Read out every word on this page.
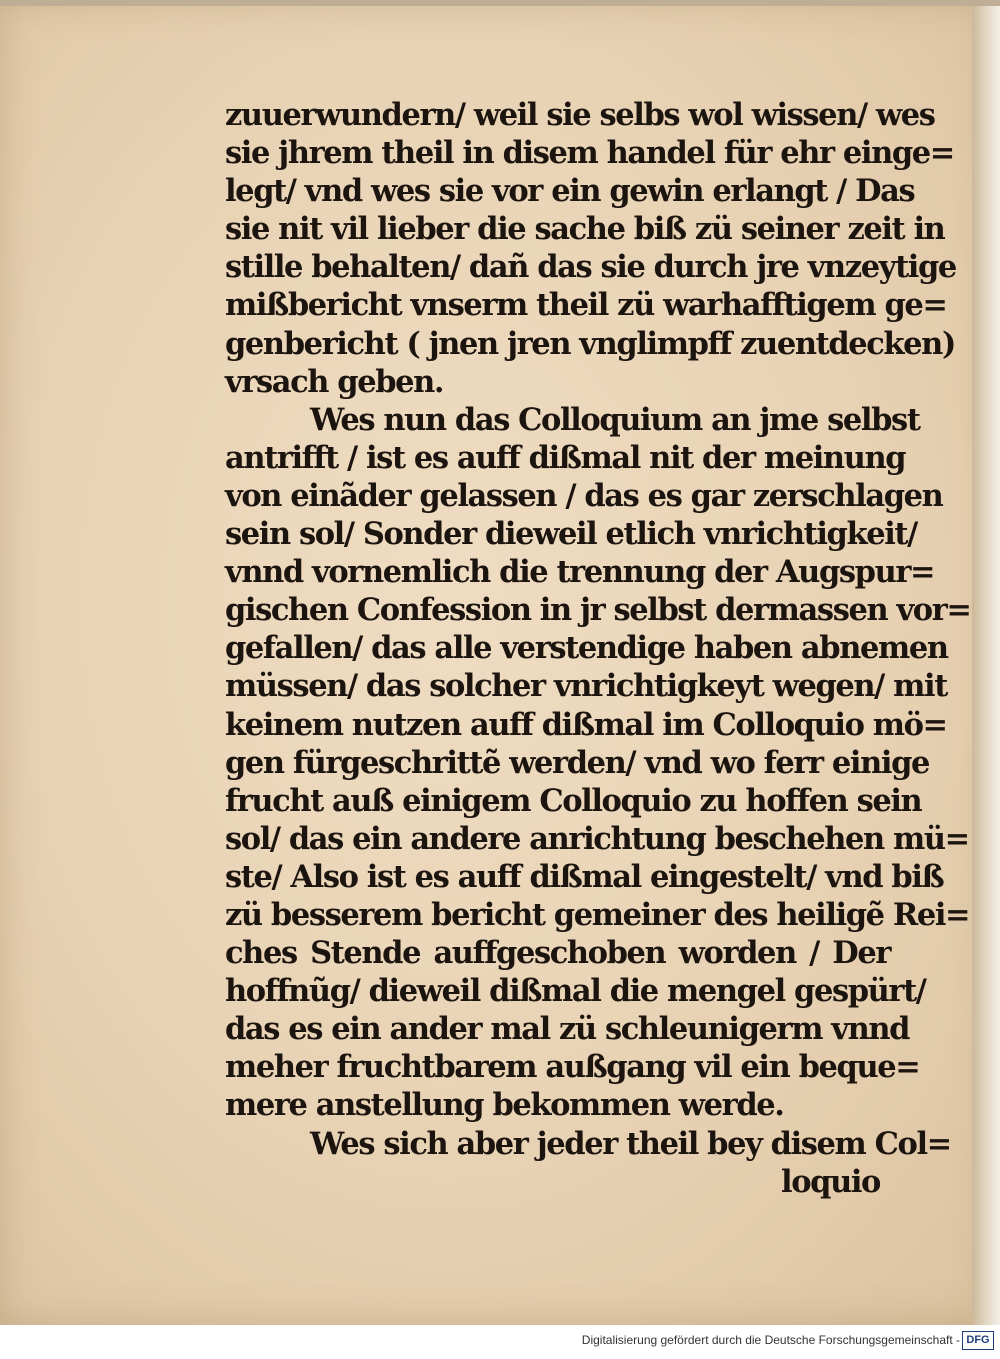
zuuerwundern/ weil sie selbs wol wissen/ wes
sie jhrem theil in disem handel für ehr einge=
legt/ vnd wes sie vor ein gewin erlangt / Das
sie nit vil lieber die sache biß zü seiner zeit in
stille behalten/ dañ das sie durch jre vnzeytige
mißbericht vnserm theil zü warhafftigem ge=
genbericht ( jnen jren vnglimpff zuentdecken)
vrsach geben.
Wes nun das Colloquium an jme selbst
antrifft / ist es auff dißmal nit der meinung
von einãder gelassen / das es gar zerschlagen
sein sol/ Sonder dieweil etlich vnrichtigkeit/
vnnd vornemlich die trennung der Augspur=
gischen Confession in jr selbst dermassen vor=
gefallen/ das alle verstendige haben abnemen
müssen/ das solcher vnrichtigkeyt wegen/ mit
keinem nutzen auff dißmal im Colloquio mö=
gen fürgeschrittẽ werden/ vnd wo ferr einige
frucht auß einigem Colloquio zu hoffen sein
sol/ das ein andere anrichtung beschehen mü=
ste/ Also ist es auff dißmal eingestelt/ vnd biß
zü besserem bericht gemeiner des heiligẽ Rei=
ches Stende auffgeschoben worden / Der
hoffnũg/ dieweil dißmal die mengel gespürt/
das es ein ander mal zü schleunigerm vnnd
meher fruchtbarem außgang vil ein beque=
mere anstellung bekommen werde.
Wes sich aber jeder theil bey disem Col=
loquio
Digitalisierung gefördert durch die Deutsche Forschungsgemeinschaft - DFG
